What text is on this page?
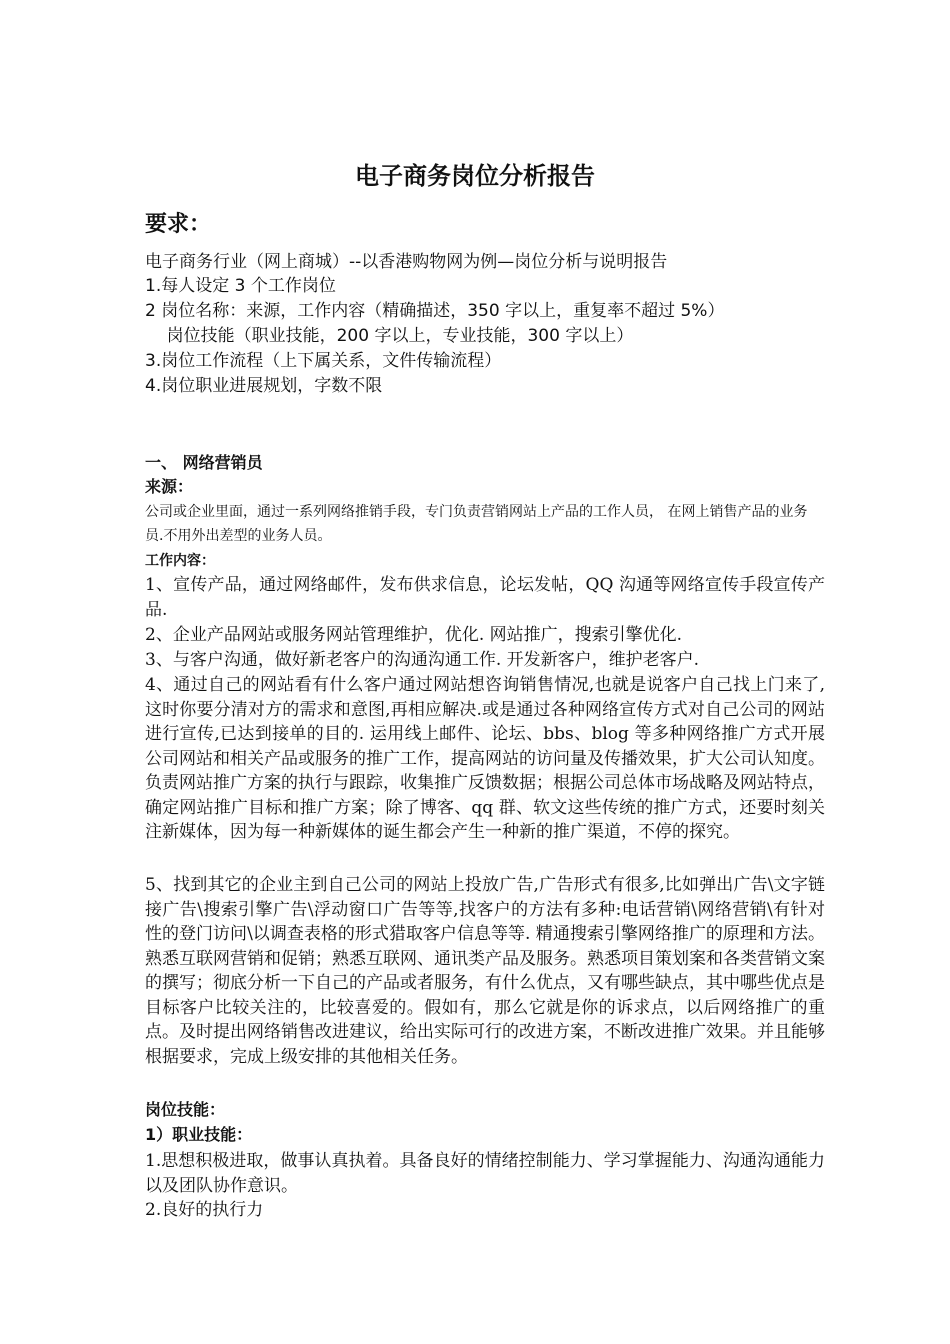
电子商务岗位分析报告
要求：
电子商务行业（网上商城）--以香港购物网为例—岗位分析与说明报告
1.每人设定 3 个工作岗位
2 岗位名称：来源，工作内容（精确描述，350 字以上，重复率不超过 5%）
岗位技能（职业技能，200 字以上，专业技能，300 字以上）
3.岗位工作流程（上下属关系，文件传输流程）
4.岗位职业进展规划，字数不限
一、 网络营销员
来源：
公司或企业里面，通过一系列网络推销手段，专门负责营销网站上产品的工作人员， 在网上销售产品的业务员.不用外出差型的业务人员。
工作内容：
1、宣传产品，通过网络邮件，发布供求信息，论坛发帖，QQ 沟通等网络宣传手段宣传产品.
2、企业产品网站或服务网站管理维护，优化. 网站推广，搜索引擎优化.
3、与客户沟通，做好新老客户的沟通沟通工作. 开发新客户，维护老客户.
4、通过自己的网站看有什么客户通过网站想咨询销售情况,也就是说客户自己找上门来了,这时你要分清对方的需求和意图,再相应解决.或是通过各种网络宣传方式对自己公司的网站进行宣传,已达到接单的目的. 运用线上邮件、论坛、bbs、blog 等多种网络推广方式开展公司网站和相关产品或服务的推广工作，提高网站的访问量及传播效果，扩大公司认知度。负责网站推广方案的执行与跟踪，收集推广反馈数据；根据公司总体市场战略及网站特点，确定网站推广目标和推广方案；除了博客、qq 群、软文这些传统的推广方式，还要时刻关注新媒体，因为每一种新媒体的诞生都会产生一种新的推广渠道，不停的探究。
5、找到其它的企业主到自己公司的网站上投放广告,广告形式有很多,比如弹出广告\文字链接广告\搜索引擎广告\浮动窗口广告等等,找客户的方法有多种:电话营销\网络营销\有针对性的登门访问\以调查表格的形式猎取客户信息等等. 精通搜索引擎网络推广的原理和方法。熟悉互联网营销和促销；熟悉互联网、通讯类产品及服务。熟悉项目策划案和各类营销文案的撰写；彻底分析一下自己的产品或者服务，有什么优点，又有哪些缺点，其中哪些优点是目标客户比较关注的，比较喜爱的。假如有，那么它就是你的诉求点，以后网络推广的重点。及时提出网络销售改进建议，给出实际可行的改进方案，不断改进推广效果。并且能够根据要求，完成上级安排的其他相关任务。
岗位技能：
1）职业技能：
1.思想积极进取，做事认真执着。具备良好的情绪控制能力、学习掌握能力、沟通沟通能力以及团队协作意识。
2.良好的执行力
